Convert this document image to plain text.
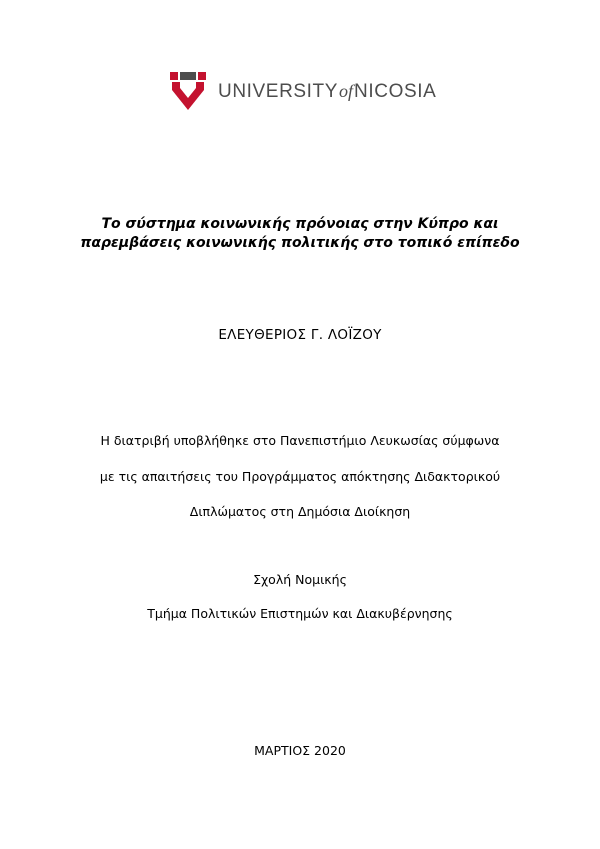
UNIVERSITYofNICOSIA
Το σύστημα κοινωνικής πρόνοιας στην Κύπρο και
παρεμβάσεις κοινωνικής πολιτικής στο τοπικό επίπεδο
ΕΛΕΥΘΕΡΙΟΣ Γ. ΛΟΪΖΟΥ
Η διατριβή υποβλήθηκε στο Πανεπιστήμιο Λευκωσίας σύμφωνα
με τις απαιτήσεις του Προγράμματος απόκτησης Διδακτορικού
Διπλώματος στη Δημόσια Διοίκηση
Σχολή Νομικής
Τμήμα Πολιτικών Επιστημών και Διακυβέρνησης
ΜΑΡΤΙΟΣ 2020
